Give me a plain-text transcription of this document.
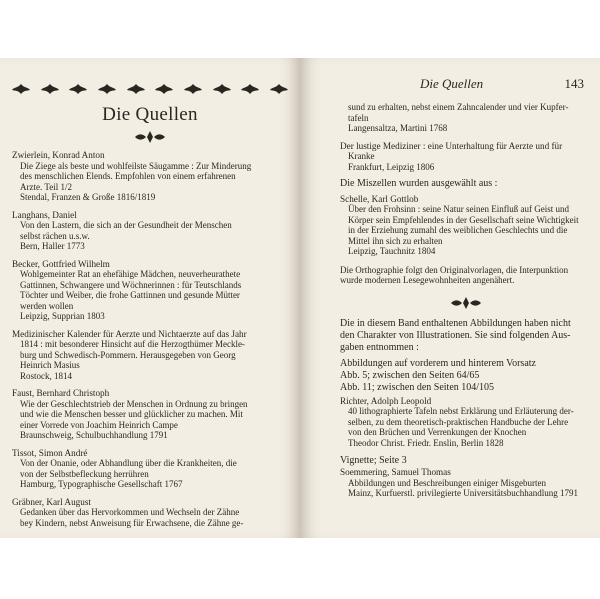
Die Quellen
Zwierlein, Konrad Anton
Die Ziege als beste und wohlfeilste Säugamme : Zur Minderung
des menschlichen Elends. Empfohlen von einem erfahrenen
Arzte. Teil 1/2
Stendal, Franzen & Große 1816/1819
Langhans, Daniel
Von den Lastern, die sich an der Gesundheit der Menschen
selbst rächen u.s.w.
Bern, Haller 1773
Becker, Gottfried Wilhelm
Wohlgemeinter Rat an ehefähige Mädchen, neuverheurathete
Gattinnen, Schwangere und Wöchnerinnen : für Teutschlands
Töchter und Weiber, die frohe Gattinnen und gesunde Mütter
werden wollen
Leipzig, Supprian 1803
Medizinischer Kalender für Aerzte und Nichtaerzte auf das Jahr
1814 : mit besonderer Hinsicht auf die Herzogthümer Meckle-
burg und Schwedisch-Pommern. Herausgegeben von Georg
Heinrich Masius
Rostock, 1814
Faust, Bernhard Christoph
Wie der Geschlechtstrieb der Menschen in Ordnung zu bringen
und wie die Menschen besser und glücklicher zu machen. Mit
einer Vorrede von Joachim Heinrich Campe
Braunschweig, Schulbuchhandlung 1791
Tissot, Simon André
Von der Onanie, oder Abhandlung über die Krankheiten, die
von der Selbstbefleckung herrühren
Hamburg, Typographische Gesellschaft 1767
Gräbner, Karl August
Gedanken über das Hervorkommen und Wechseln der Zähne
bey Kindern, nebst Anweisung für Erwachsene, die Zähne ge-
Die Quellen	143
sund zu erhalten, nebst einem Zahncalender und vier Kupfer-
tafeln
Langensaltza, Martini 1768
Der lustige Mediziner : eine Unterhaltung für Aerzte und für
Kranke
Frankfurt, Leipzig 1806
Die Miszellen wurden ausgewählt aus :
Schelle, Karl Gottlob
Über den Frohsinn : seine Natur seinen Einfluß auf Geist und
Körper sein Empfehlendes in der Gesellschaft seine Wichtigkeit
in der Erziehung zumahl des weiblichen Geschlechts und die
Mittel ihn sich zu erhalten
Leipzig, Tauchnitz 1804
Die Orthographie folgt den Originalvorlagen, die Interpunktion
wurde modernen Lesegewohnheiten angenähert.
Die in diesem Band enthaltenen Abbildungen haben nicht
den Charakter von Illustrationen. Sie sind folgenden Aus-
gaben entnommen :
Abbildungen auf vorderem und hinterem Vorsatz
Abb. 5; zwischen den Seiten 64/65
Abb. 11; zwischen den Seiten 104/105
Richter, Adolph Leopold
40 lithographierte Tafeln nebst Erklärung und Erläuterung der-
selben, zu dem theoretisch-praktischen Handbuche der Lehre
von den Brüchen und Verrenkungen der Knochen
Theodor Christ. Friedr. Enslin, Berlin 1828
Vignette; Seite 3
Soemmering, Samuel Thomas
Abbildungen und Beschreibungen einiger Misgeburten
Mainz, Kurfuerstl. privilegierte Universitätsbuchhandlung 1791
